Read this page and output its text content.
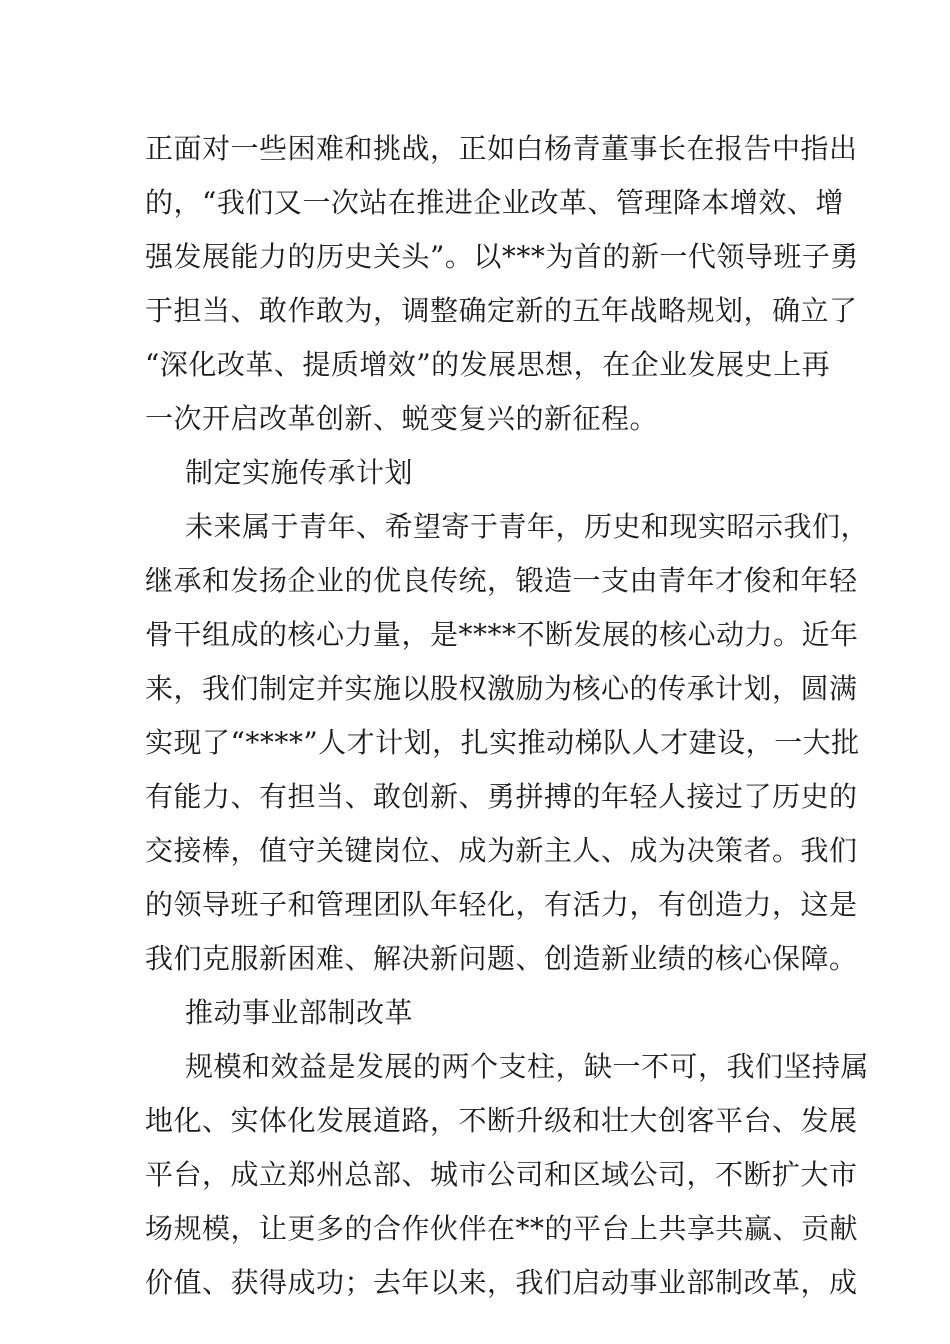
正面对一些困难和挑战，正如白杨青董事长在报告中指出
的，“我们又一次站在推进企业改革、管理降本增效、增
强发展能力的历史关头”。以***为首的新一代领导班子勇
于担当、敢作敢为，调整确定新的五年战略规划，确立了
“深化改革、提质增效”的发展思想，在企业发展史上再
一次开启改革创新、蜕变复兴的新征程。
制定实施传承计划
未来属于青年、希望寄于青年，历史和现实昭示我们，
继承和发扬企业的优良传统，锻造一支由青年才俊和年轻
骨干组成的核心力量，是****不断发展的核心动力。近年
来，我们制定并实施以股权激励为核心的传承计划，圆满
实现了“****”人才计划，扎实推动梯队人才建设，一大批
有能力、有担当、敢创新、勇拼搏的年轻人接过了历史的
交接棒，值守关键岗位、成为新主人、成为决策者。我们
的领导班子和管理团队年轻化，有活力，有创造力，这是
我们克服新困难、解决新问题、创造新业绩的核心保障。
推动事业部制改革
规模和效益是发展的两个支柱，缺一不可，我们坚持属
地化、实体化发展道路，不断升级和壮大创客平台、发展
平台，成立郑州总部、城市公司和区域公司，不断扩大市
场规模，让更多的合作伙伴在**的平台上共享共赢、贡献
价值、获得成功；去年以来，我们启动事业部制改革，成
